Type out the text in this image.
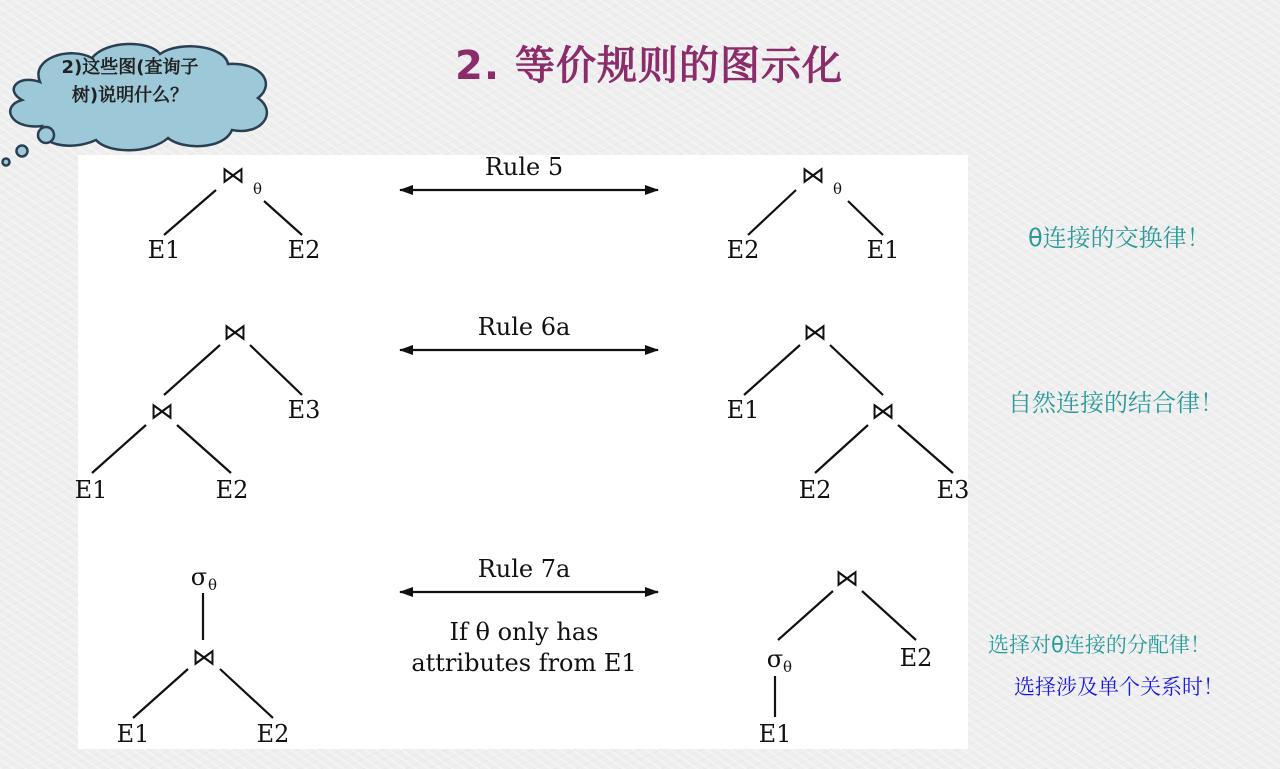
2. 等价规则的图示化
2)这些图(查询子
树)说明什么？
⋈ θ
E1	E2
Rule 5	⋈ θ
E2	E1
⋈
⋈	E3
E1	E2
Rule 6a	⋈
E1	⋈
E2	E3
σ θ
⋈
E1	E2
Rule 7a
If θ only has
attributes from E1
⋈
σ θ	E2
E1
θ连接的交换律！
自然连接的结合律！
选择对θ连接的分配律！
选择涉及单个关系时！
